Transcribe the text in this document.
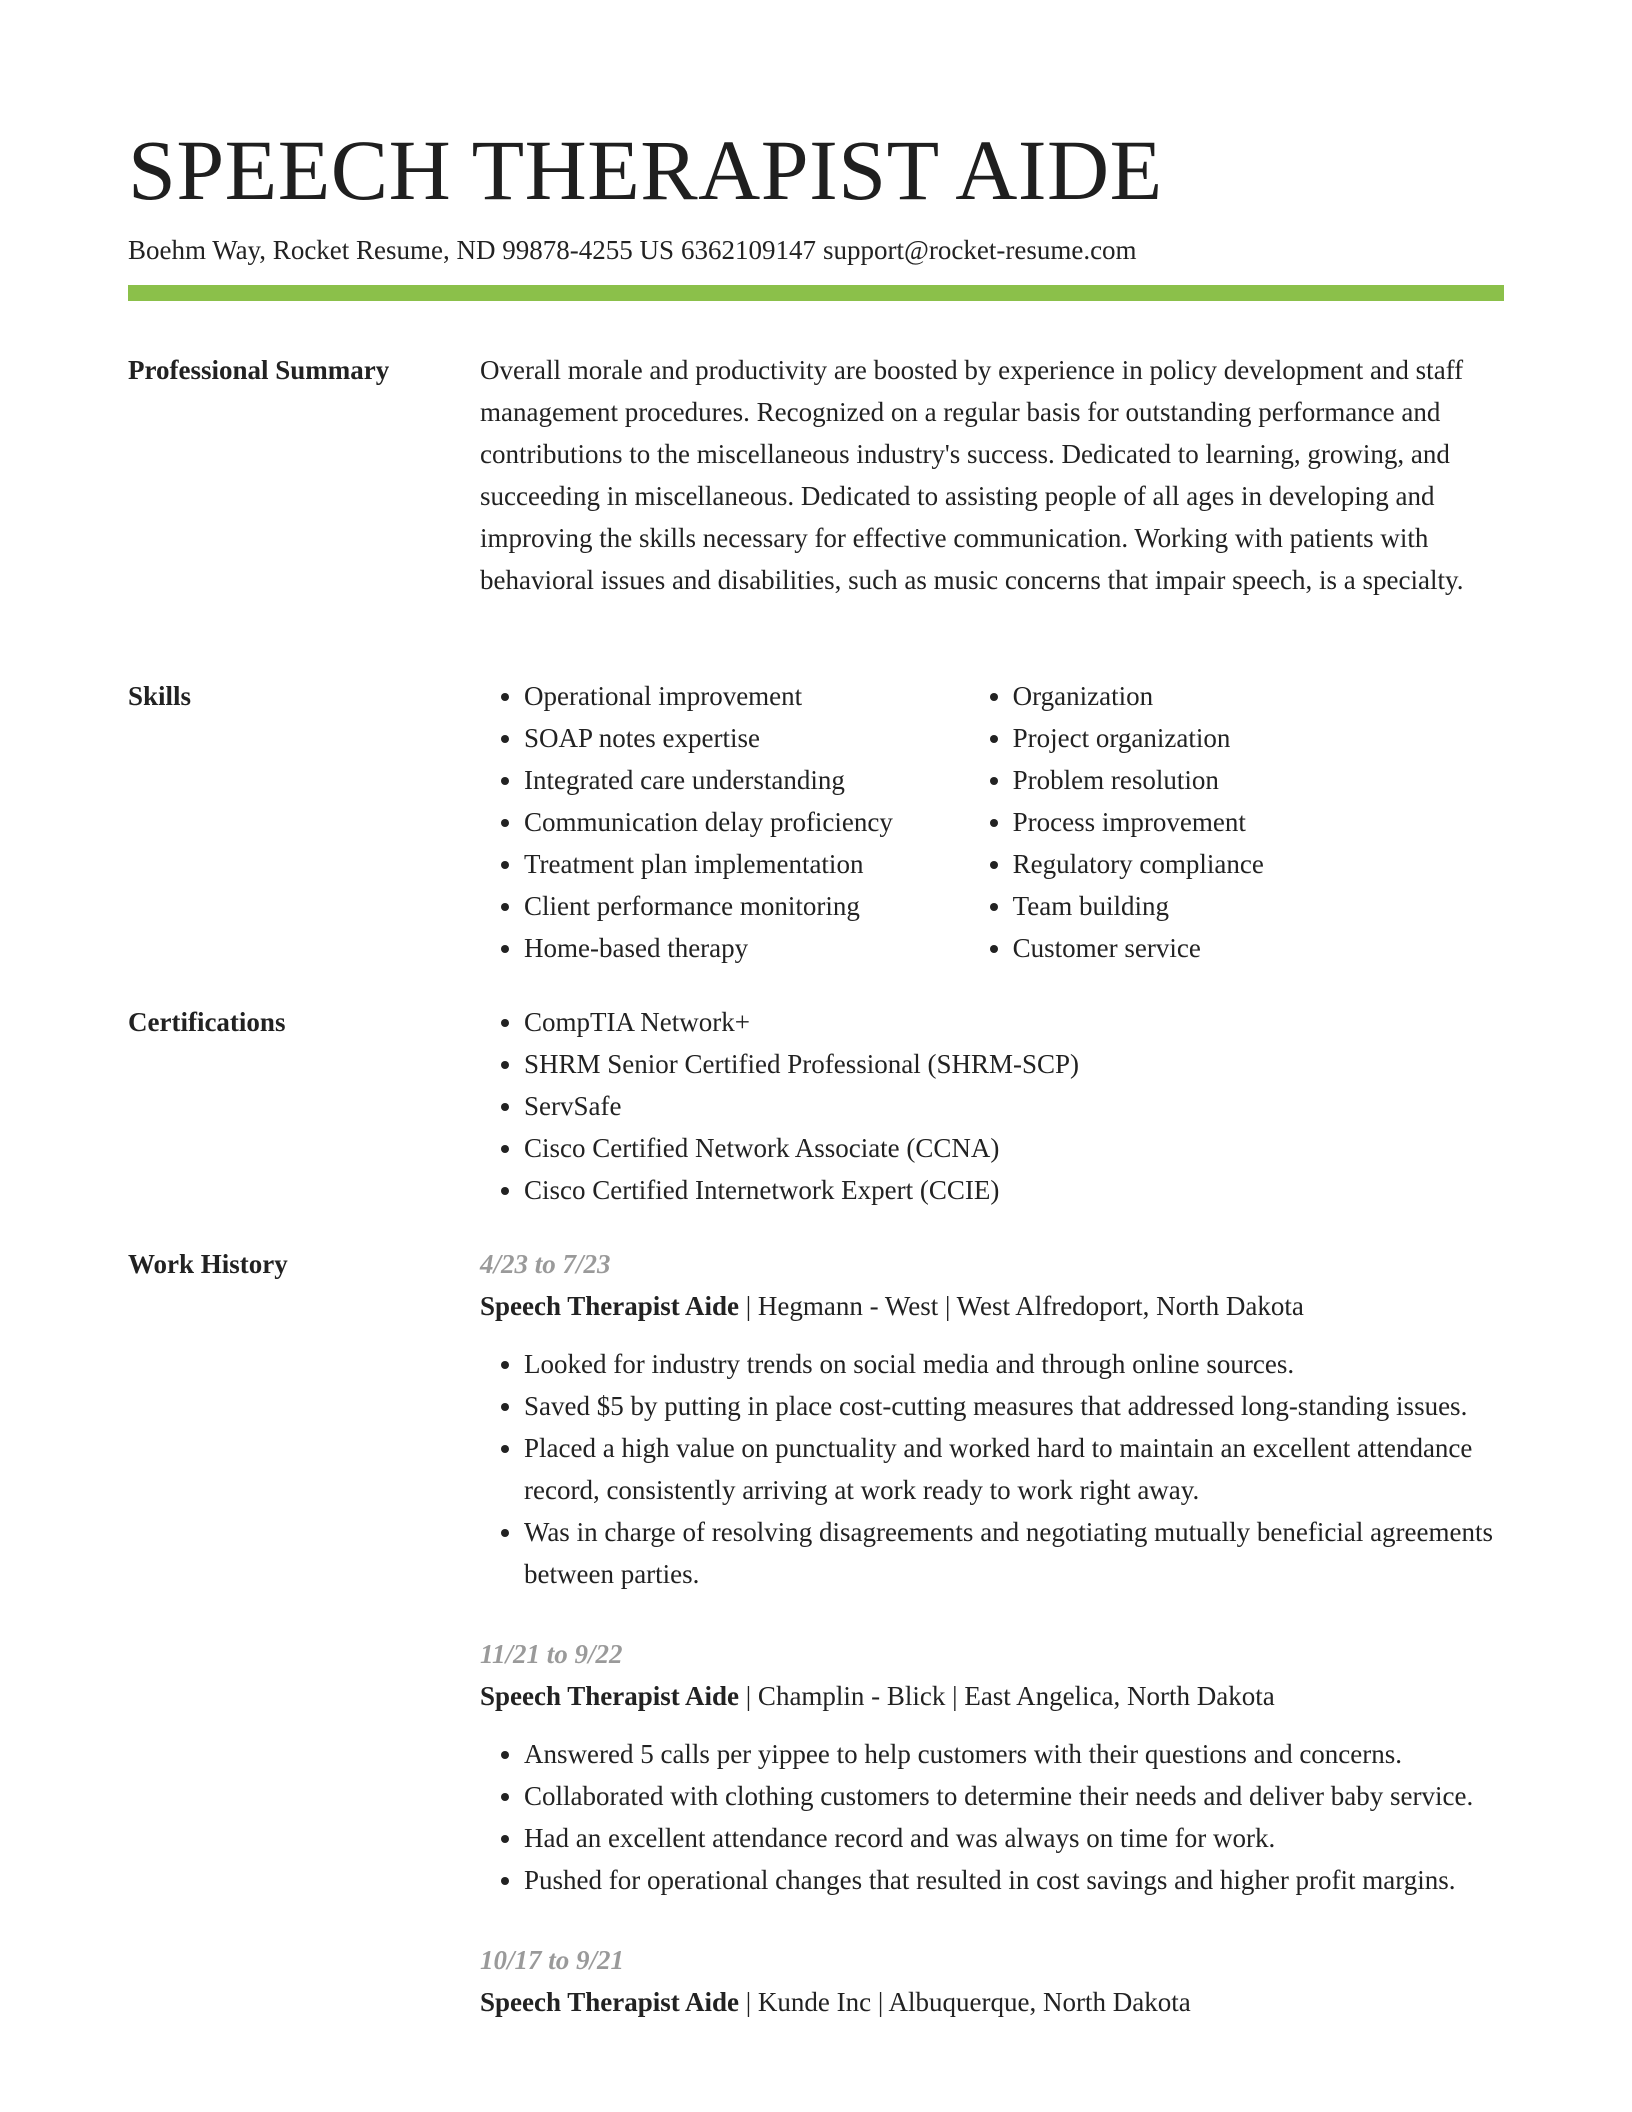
SPEECH THERAPIST AIDE
Boehm Way, Rocket Resume, ND 99878-4255 US 6362109147 support@rocket-resume.com
Professional Summary	Overall morale and productivity are boosted by experience in policy development and staff management procedures. Recognized on a regular basis for outstanding performance and contributions to the miscellaneous industry's success. Dedicated to learning, growing, and succeeding in miscellaneous. Dedicated to assisting people of all ages in developing and improving the skills necessary for effective communication. Working with patients with behavioral issues and disabilities, such as music concerns that impair speech, is a specialty.

Skills	• Operational improvement
• SOAP notes expertise
• Integrated care understanding
• Communication delay proficiency
• Treatment plan implementation
• Client performance monitoring
• Home-based therapy
• Organization
• Project organization
• Problem resolution
• Process improvement
• Regulatory compliance
• Team building
• Customer service
Certifications	• CompTIA Network+
• SHRM Senior Certified Professional (SHRM-SCP)
• ServSafe
• Cisco Certified Network Associate (CCNA)
• Cisco Certified Internetwork Expert (CCIE)
Work History	4/23 to 7/23
Speech Therapist Aide | Hegmann - West | West Alfredoport, North Dakota
• Looked for industry trends on social media and through online sources.
• Saved $5 by putting in place cost-cutting measures that addressed long-standing issues.
• Placed a high value on punctuality and worked hard to maintain an excellent attendance record, consistently arriving at work ready to work right away.
• Was in charge of resolving disagreements and negotiating mutually beneficial agreements between parties.
11/21 to 9/22
Speech Therapist Aide | Champlin - Blick | East Angelica, North Dakota
• Answered 5 calls per yippee to help customers with their questions and concerns.
• Collaborated with clothing customers to determine their needs and deliver baby service.
• Had an excellent attendance record and was always on time for work.
• Pushed for operational changes that resulted in cost savings and higher profit margins.
10/17 to 9/21
Speech Therapist Aide | Kunde Inc | Albuquerque, North Dakota
